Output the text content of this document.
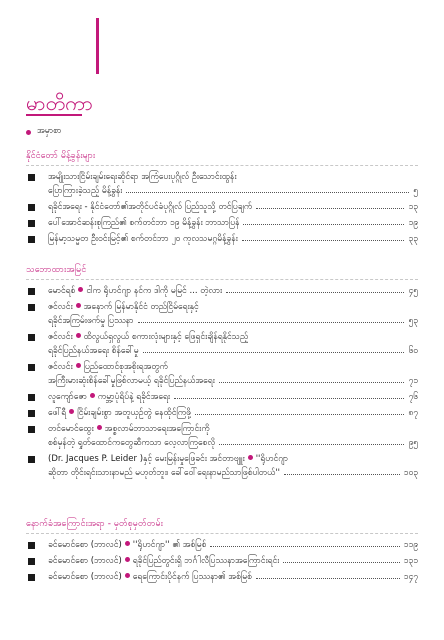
မာတိကာ
အမှာစာ
နိုင်ငံတော် မိန့်ခွန်းများ
အမျိုးသားငြိမ်းချမ်းရေးဆိုင်ရာ အကြံပေးပုဂ္ဂိုလ် ဦးသောင်းထွန်း
ပြောကြားခဲ့သည့် မိန့်ခွန်း	၅
ရခိုင်အရေး - နိုင်ငံတော်၏အတိုင်ပင်ခံပုဂ္ဂိုလ် ပြည်သူသို့ တင်ပြချက်	၁၃
ပေါ်အောင်ဆန်းစုကြည်၏ စက်တင်ဘာ ၁၉ မိန့်ခွန်း ဘာသာပြန်	၁၉
မြန်မာ့သမ္မတ ဦးဝင်းမြင့်၏ စက်တင်ဘာ ၂၀ ကုလသမဂ္ဂမိန့်ခွန်း	၃၃
သဘောထားအမြင်
မောင်ရစ် ငါက ရိုဟင်ဂျာ နင်က ဒါကို မမြင် ... တဲ့လား	၄၅
ဇင်လင်း အနောက် မြန်မာနိုင်ငံ တည်ငြိမ်ရေးနှင့်
ရခိုင်အကြမ်းဖက်မှု ပြဿနာ	၅၃
ဇင်လင်း ထိလွယ်ရှလွယ် စကားလုံးများနှင့် ဖြေရှင်းချိန်ရနိုင်သည့်
ရခိုင်ပြည်နယ်အရေး စိန်ခေါ်မှု	၆၀
ဇင်လင်း ပြည်ထောင်စုအစိုးရအတွက်
အကြီးမားဆုံးစိန်ခေါ်မှုဖြစ်လာမယ့် ရခိုင်ပြည်နယ်အရေး	၇၁
လူကျော်ဇော ကမ္ဘာ့ပုံရိပ်နဲ့ ရခိုင်အရေး	၇၆
ဖေါ်ရီ ငြိမ်းချမ်းစွာ အတူယှဉ်တွဲ နေထိုင်ကြဖို့	၈၇
တင်မောင်ထွေး အစ္စလာမ်ဘာသာရေးအကြောင်းကို
စစ်မှန်တဲ့ ရှုတ်ထောင်ကတွေဆီကသာ လေ့လာကြစေလို	၉၅
(Dr. Jacques P. Leider )နှင့် မေးမြန်းမှုဖြေခင်း အင်တာဗျူး ''ရိုဟင်ဂျာ
ဆိုတာ တိုင်းရင်းသားနာမည် မဟုတ်ဘူး၊ ခေါ်ဝေါ်ရေးနာမည်သာဖြစ်ပါတယ်''	၁၀၃
နောက်ခံအကြောင်းအရာ - မှတ်စုမှတ်တမ်း
ခင်မောင်စော (ဘာလင်) ''ရိုဟင်ဂျာ'' ၏ အစ်မြစ်	၁၁၉
ခင်မောင်စော (ဘာလင်) ရခိုင်ပြည်တွင်းရှိ ဘင်္ဂါလီပြဿနာအကြောင်းရင်း	၁၃၁
ခင်မောင်စော (ဘာလင်) ရေကြောင်းပိုင်နက် ပြဿနာ၏ အစ်မြစ်	၁၄၇
